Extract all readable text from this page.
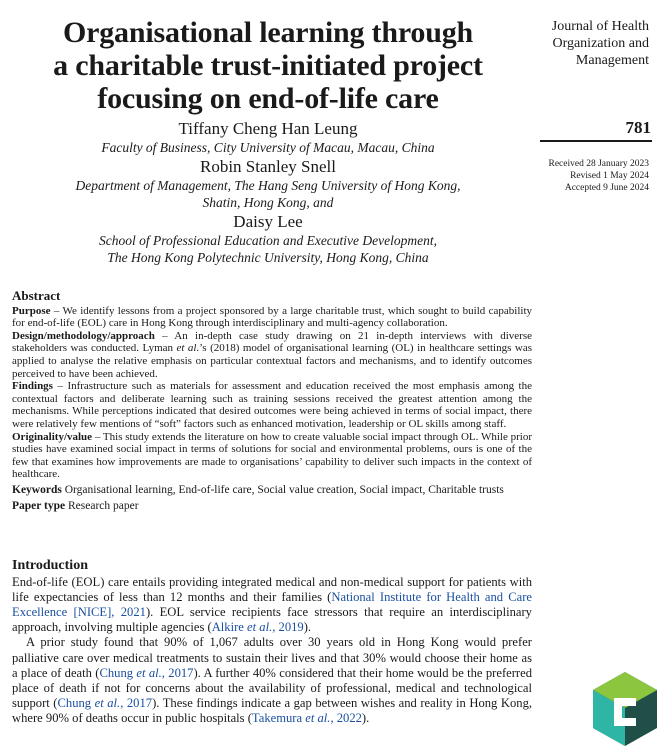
Organisational learning through
a charitable trust-initiated project
focusing on end-of-life care
Journal of Health
Organization and
Management
781
Received 28 January 2023
Revised 1 May 2024
Accepted 9 June 2024
Tiffany Cheng Han Leung
Faculty of Business, City University of Macau, Macau, China
Robin Stanley Snell
Department of Management, The Hang Seng University of Hong Kong,
Shatin, Hong Kong, and
Daisy Lee
School of Professional Education and Executive Development,
The Hong Kong Polytechnic University, Hong Kong, China
Abstract

Purpose – We identify lessons from a project sponsored by a large charitable trust, which sought to build capability for end-of-life (EOL) care in Hong Kong through interdisciplinary and multi-agency collaboration.

Design/methodology/approach – An in-depth case study drawing on 21 in-depth interviews with diverse stakeholders was conducted. Lyman et al.’s (2018) model of organisational learning (OL) in healthcare settings was applied to analyse the relative emphasis on particular contextual factors and mechanisms, and to identify outcomes perceived to have been achieved.

Findings – Infrastructure such as materials for assessment and education received the most emphasis among the contextual factors and deliberate learning such as training sessions received the greatest attention among the mechanisms. While perceptions indicated that desired outcomes were being achieved in terms of social impact, there were relatively few mentions of “soft” factors such as enhanced motivation, leadership or OL skills among staff.

Originality/value – This study extends the literature on how to create valuable social impact through OL. While prior studies have examined social impact in terms of solutions for social and environmental problems, ours is one of the few that examines how improvements are made to organisations’ capability to deliver such impacts in the context of healthcare.

Keywords Organisational learning, End-of-life care, Social value creation, Social impact, Charitable trusts

Paper type Research paper

Introduction

End-of-life (EOL) care entails providing integrated medical and non-medical support for patients with life expectancies of less than 12 months and their families (National Institute for Health and Care Excellence [NICE], 2021). EOL service recipients face stressors that require an interdisciplinary approach, involving multiple agencies (Alkire et al., 2019).

A prior study found that 90% of 1,067 adults over 30 years old in Hong Kong would prefer palliative care over medical treatments to sustain their lives and that 30% would choose their home as a place of death (Chung et al., 2017). A further 40% considered that their home would be the preferred place of death if not for concerns about the availability of professional, medical and technological support (Chung et al., 2017). These findings indicate a gap between wishes and reality in Hong Kong, where 90% of deaths occur in public hospitals (Takemura et al., 2022).
